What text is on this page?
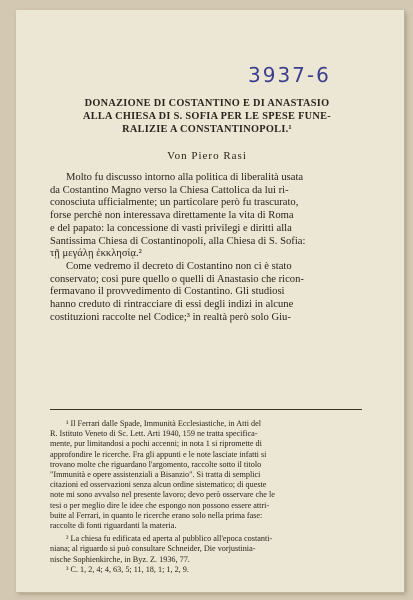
3937-6
DONAZIONE DI COSTANTINO E DI ANASTASIO
ALLA CHIESA DI S. SOFIA PER LE SPESE FUNE-
RALIZIE A CONSTANTINOPOLI.¹
Von Piero Rasi
Molto fu discusso intorno alla politica di liberalità usata
da Costantino Magno verso la Chiesa Cattolica da lui ri-
conosciuta ufficialmente; un particolare però fu trascurato,
forse perchè non interessava direttamente la vita di Roma
e del papato: la concessione di vasti privilegi e diritti alla
Santissima Chiesa di Costantinopoli, alla Chiesa di S. Sofia:
τῇ μεγάλῃ ἐκκλησίᾳ.²
Come vedremo il decreto di Costantino non ci è stato
conservato; così pure quello o quelli di Anastasio che ricon-
fermavano il provvedimento di Costantino. Gli studiosi
hanno creduto di rintracciare di essi degli indizi in alcune
costituzioni raccolte nel Codice;³ in realtà però solo Giu-
¹ Il Ferrari dalle Spade, Immunità Ecclesiastiche, in Atti del
R. Istituto Veneto di Sc. Lett. Arti 1940, 159 ne tratta specifica-
mente, pur limitandosi a pochi accenni; in nota 1 si ripromette di
approfondire le ricerche. Fra gli appunti e le note lasciate infatti si
trovano molte che riguardano l'argomento, raccolte sotto il titolo
"Immunità e opere assistenziali a Bisanzio". Si tratta di semplici
citazioni ed osservazioni senza alcun ordine sistematico; di queste
note mi sono avvalso nel presente lavoro; devo però osservare che le
tesi o per meglio dire le idee che espongo non possono essere attri-
buite al Ferrari, in quanto le ricerche erano solo nella prima fase:
raccolte di fonti riguardanti la materia.
² La chiesa fu edificata ed aperta al pubblico all'epoca costanti-
niana; al riguardo si può consultare Schneider, Die vorjustinia-
nische Sophienkirche, in Byz. Z. 1936, 77.
³ C. 1, 2, 4; 4, 63, 5; 11, 18, 1; 1, 2, 9.
